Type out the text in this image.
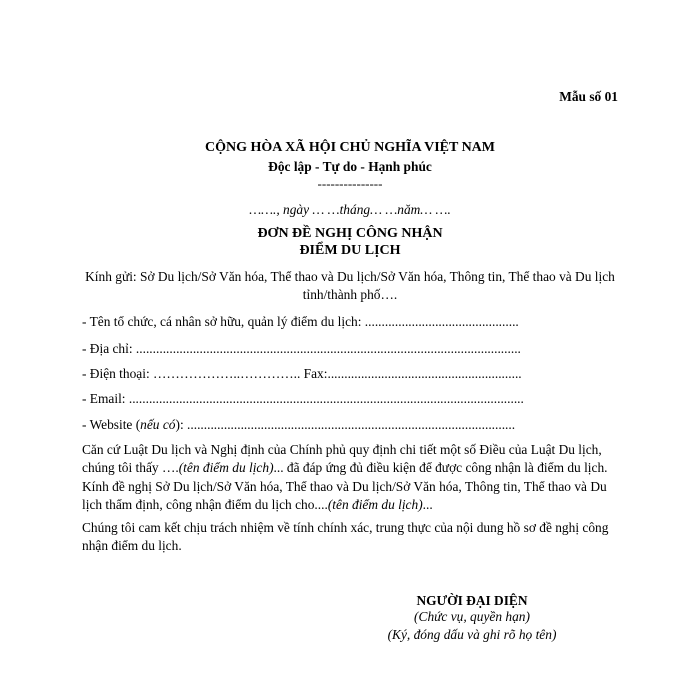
Mẫu số 01
CỘNG HÒA XÃ HỘI CHỦ NGHĨA VIỆT NAM
Độc lập - Tự do - Hạnh phúc
---------------
……., ngày … …tháng… …năm… ….
ĐƠN ĐỀ NGHỊ CÔNG NHẬN
ĐIỂM DU LỊCH
Kính gửi: Sở Du lịch/Sở Văn hóa, Thể thao và Du lịch/Sở Văn hóa, Thông tin, Thể thao và Du lịch tỉnh/thành phố….
- Tên tổ chức, cá nhân sở hữu, quản lý điểm du lịch: ..............................................
- Địa chỉ: ...................................................................................................................
- Điện thoại: ………………..………….. Fax:..........................................................
- Email: ......................................................................................................................
- Website (nếu có): ..................................................................................................
Căn cứ Luật Du lịch và Nghị định của Chính phủ quy định chi tiết một số Điều của Luật Du lịch, chúng tôi thấy ….(tên điểm du lịch)... đã đáp ứng đủ điều kiện để được công nhận là điểm du lịch. Kính đề nghị Sở Du lịch/Sở Văn hóa, Thể thao và Du lịch/Sở Văn hóa, Thông tin, Thể thao và Du lịch thẩm định, công nhận điểm du lịch cho....(tên điểm du lịch)...
Chúng tôi cam kết chịu trách nhiệm về tính chính xác, trung thực của nội dung hồ sơ đề nghị công nhận điểm du lịch.
NGƯỜI ĐẠI DIỆN
(Chức vụ, quyền hạn)
(Ký, đóng dấu và ghi rõ họ tên)
